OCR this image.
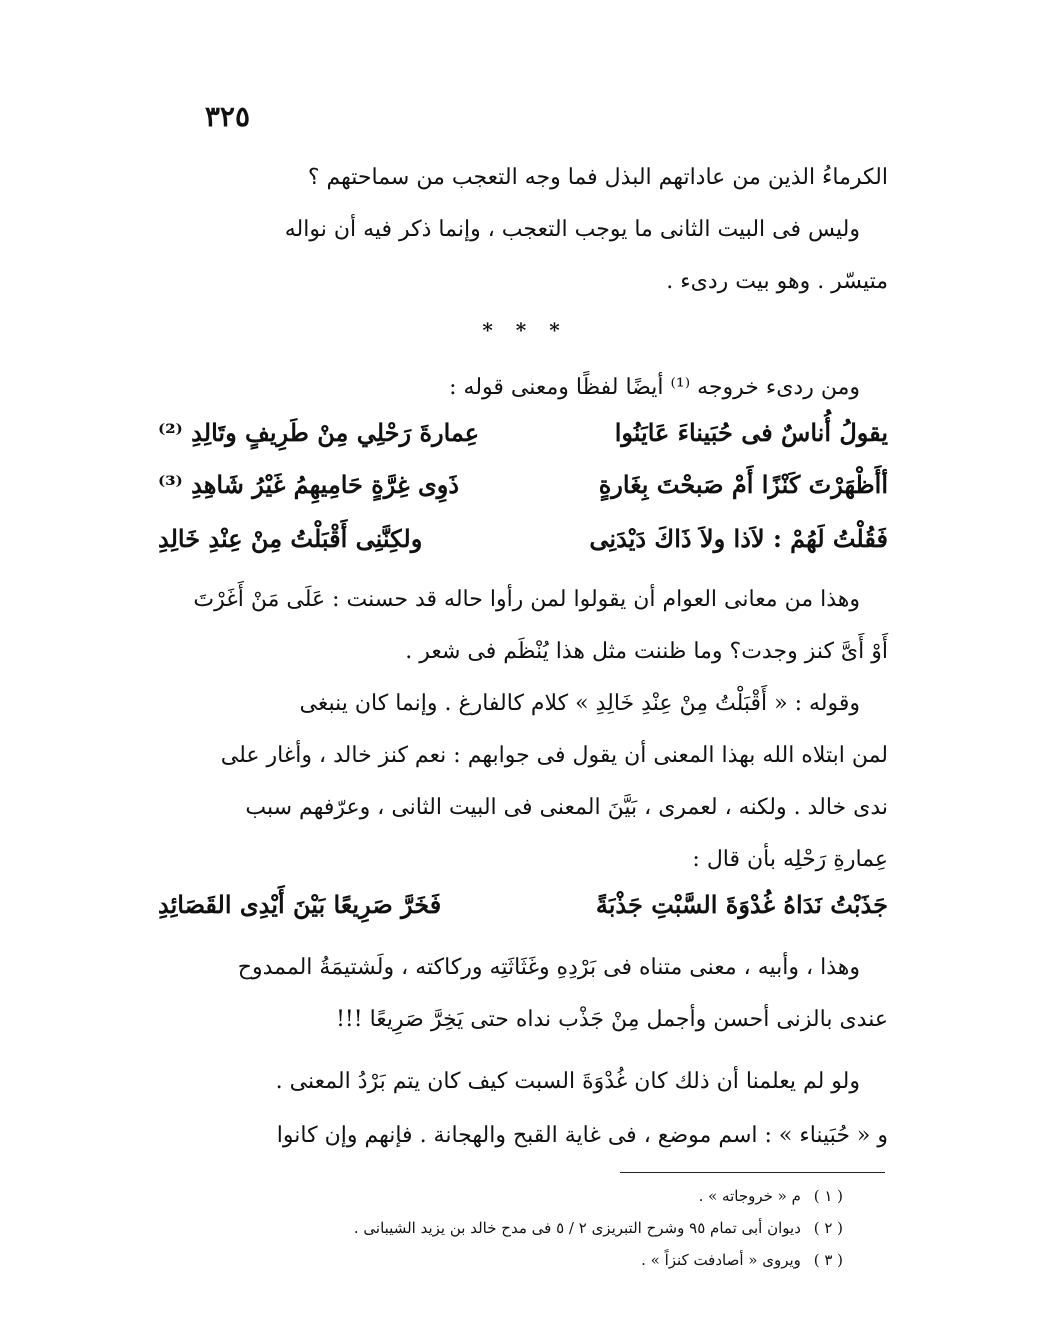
٣٢٥
الكرماءُ الذين من عاداتهم البذل فما وجه التعجب من سماحتهم ؟
وليس فى البيت الثانى ما يوجب التعجب ، وإنما ذكر فيه أن نواله
متيسّر . وهو بيت ردىء .
* * *
ومن ردىء خروجه ⁽¹⁾ أيضًا لفظًا ومعنى قوله :
يقولُ أُناسٌ فى حُبَيناءَ عَايَنُوا
عِمارةَ رَحْلِي مِنْ طَرِيفٍ وتَالِدِ ⁽²⁾
أأَظْهَرْتَ كَنْزًا أَمْ صَبحْتَ بِغَارةٍ
ذَوِى غِرَّةٍ حَامِيهِمُ غَيْرُ شَاهِدِ ⁽³⁾
فَقُلْتُ لَهُمْ : لاَذا ولاَ ذَاكَ دَيْدَنِى
ولكِنَّنِى أَقْبَلْتُ مِنْ عِنْدِ خَالِدِ
وهذا من معانى العوام أن يقولوا لمن رأوا حاله قد حسنت : عَلَى مَنْ أَغَرْتَ
أَوْ أَىَّ كنز وجدت؟ وما ظننت مثل هذا يُنْظَم فى شعر .
وقوله : « أَقْبَلْتُ مِنْ عِنْدِ خَالِدِ » كلام كالفارغ . وإنما كان ينبغى
لمن ابتلاه الله بهذا المعنى أن يقول فى جوابهم : نعم كنز خالد ، وأغار على
ندى خالد . ولكنه ، لعمرى ، بَيَّنَ المعنى فى البيت الثانى ، وعرّفهم سبب
عِمارةِ رَحْلِه بأن قال :
جَذَبْتُ نَدَاهُ غُدْوَةَ السَّبْتِ جَذْبَةً
فَخَرَّ صَرِيعًا بَيْنَ أَيْدِى القَصَائِدِ
وهذا ، وأبيه ، معنى متناه فى بَرْدِهِ وغَثَاثَتِه وركاكته ، ولَشتيمَةُ الممدوح
عندى بالزنى أحسن وأجمل مِنْ جَذْب نداه حتى يَخِرَّ صَرِيعًا !!!
ولو لم يعلمنا أن ذلك كان غُدْوَةَ السبت كيف كان يتم بَرْدُ المعنى .
و « حُبَيناء » : اسم موضع ، فى غاية القبح والهجانة . فإنهم وإن كانوا
( ١ ) م « خروجاته » .
( ٢ ) ديوان أبى تمام ٩٥ وشرح التبريزى ٢ / ٥ فى مدح خالد بن يزيد الشيبانى .
( ٣ ) ويروى « أصادفت كنزاً » .
